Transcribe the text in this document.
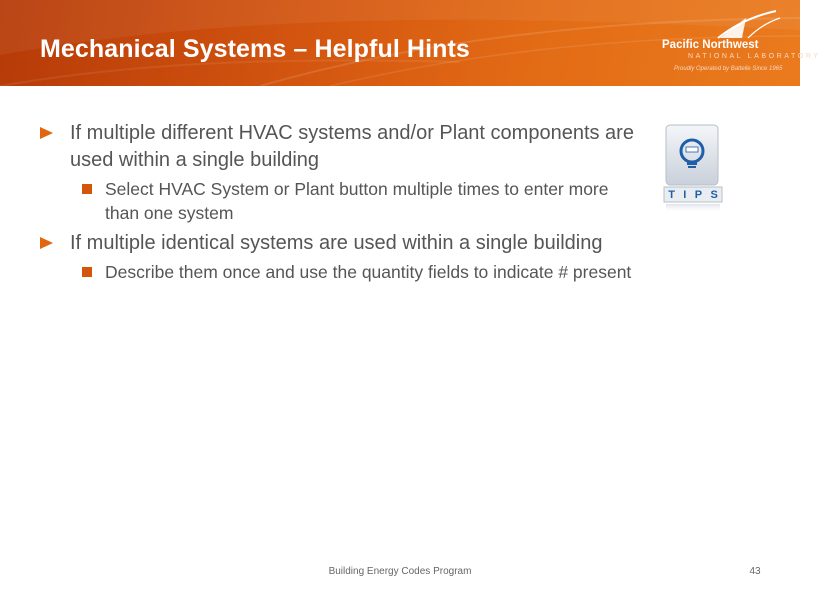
Mechanical Systems – Helpful Hints	Pacific Northwest
NATIONAL LABORATORY
Proudly Operated by Battelle Since 1965
If multiple different HVAC systems and/or Plant components are used within a single building
Select HVAC System or Plant button multiple times to enter more than one system
If multiple identical systems are used within a single building
Describe them once and use the quantity fields to indicate # present
T I P S
Building Energy Codes Program	43
